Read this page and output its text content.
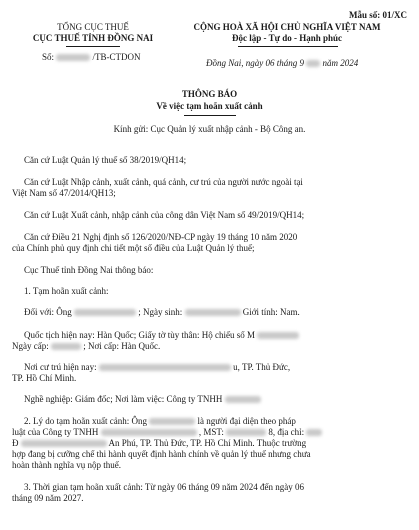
Mẫu số: 01/XC
TỔNG CỤC THUẾ
CỤC THUẾ TỈNH ĐỒNG NAI
CỘNG HOÀ XÃ HỘI CHỦ NGHĨA VIỆT NAM
Độc lập - Tự do - Hạnh phúc
Số:	/TB-CTDON
Đồng Nai, ngày 06 tháng 9 năm 2024
THÔNG BÁO
Về việc tạm hoãn xuất cảnh
Kính gửi: Cục Quản lý xuất nhập cảnh - Bộ Công an.
Căn cứ Luật Quản lý thuế số 38/2019/QH14;
Căn cứ Luật Nhập cảnh, xuất cảnh, quá cảnh, cư trú của người nước ngoài tại
Việt Nam số 47/2014/QH13;
Căn cứ Luật Xuất cảnh, nhập cảnh của công dân Việt Nam số 49/2019/QH14;
Căn cứ Điều 21 Nghị định số 126/2020/NĐ-CP ngày 19 tháng 10 năm 2020
của Chính phủ quy định chi tiết một số điều của Luật Quản lý thuế;
Cục Thuế tỉnh Đồng Nai thông báo:
1. Tạm hoãn xuất cảnh:
Đối với: Ông	; Ngày sinh:	Giới tính: Nam.
Quốc tịch hiện nay: Hàn Quốc; Giấy tờ tùy thân: Hộ chiếu số M
Ngày cấp:	; Nơi cấp: Hàn Quốc.
Nơi cư trú hiện nay:	u, TP. Thủ Đức,
TP. Hồ Chí Minh.
Nghề nghiệp: Giám đốc; Nơi làm việc: Công ty TNHH
2. Lý do tạm hoãn xuất cảnh: Ông	là người đại diện theo pháp
luật của Công ty TNHH	, MST:	8, địa chỉ:
Đ	An Phú, TP. Thủ Đức, TP. Hồ Chí Minh. Thuộc trường
hợp đang bị cưỡng chế thi hành quyết định hành chính về quản lý thuế nhưng chưa
hoàn thành nghĩa vụ nộp thuế.
3. Thời gian tạm hoãn xuất cảnh: Từ ngày 06 tháng 09 năm 2024 đến ngày 06
tháng 09 năm 2027.
